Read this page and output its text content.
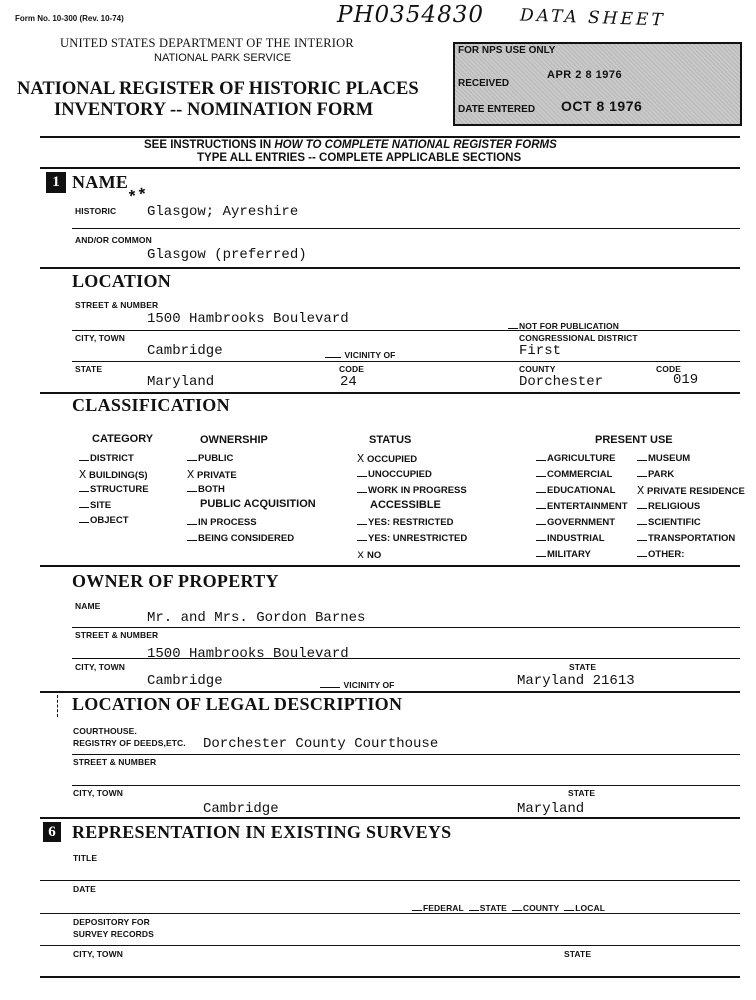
Form No. 10-300 (Rev. 10-74)	PH0354830 DATA SHEET
UNITED STATES DEPARTMENT OF THE INTERIOR
NATIONAL PARK SERVICE
NATIONAL REGISTER OF HISTORIC PLACES
INVENTORY -- NOMINATION FORM
FOR NPS USE ONLY
RECEIVED
APR 2 8 1976
DATE ENTERED OCT 8 1976
SEE INSTRUCTIONS IN HOW TO COMPLETE NATIONAL REGISTER FORMS
TYPE ALL ENTRIES -- COMPLETE APPLICABLE SECTIONS
1 NAME
HISTORIC
**
Glasgow; Ayreshire
AND/OR COMMON
Glasgow (preferred)
LOCATION
STREET & NUMBER
1500 Hambrooks Boulevard	NOT FOR PUBLICATION
CITY, TOWN	CONGRESSIONAL DISTRICT
Cambridge	VICINITY OF	First
STATE	CODE	COUNTY	CODE
Maryland	24	Dorchester	019
CLASSIFICATION
CATEGORY	OWNERSHIP	STATUS	PRESENT USE
PUBLIC ACQUISITION	ACCESSIBLE
DISTRICT
X BUILDING(S)
STRUCTURE
SITE
OBJECT
PUBLIC
X PRIVATE
BOTH
IN PROCESS
BEING CONSIDERED
X OCCUPIED
UNOCCUPIED
WORK IN PROGRESS
YES: RESTRICTED
YES: UNRESTRICTED
x NO
AGRICULTURE
COMMERCIAL
EDUCATIONAL
ENTERTAINMENT
GOVERNMENT
INDUSTRIAL
MILITARY
MUSEUM
PARK
X PRIVATE RESIDENCE
RELIGIOUS
SCIENTIFIC
TRANSPORTATION
OTHER:
OWNER OF PROPERTY
NAME
Mr. and Mrs. Gordon Barnes
STREET & NUMBER
1500 Hambrooks Boulevard
CITY, TOWN	STATE
Cambridge	VICINITY OF	Maryland 21613
LOCATION OF LEGAL DESCRIPTION
COURTHOUSE.
REGISTRY OF DEEDS,ETC. Dorchester County Courthouse
STREET & NUMBER
CITY, TOWN	STATE
Cambridge	Maryland
6 REPRESENTATION IN EXISTING SURVEYS
TITLE
DATE
FEDERAL STATE COUNTY LOCAL
DEPOSITORY FOR
SURVEY RECORDS
CITY, TOWN	STATE
